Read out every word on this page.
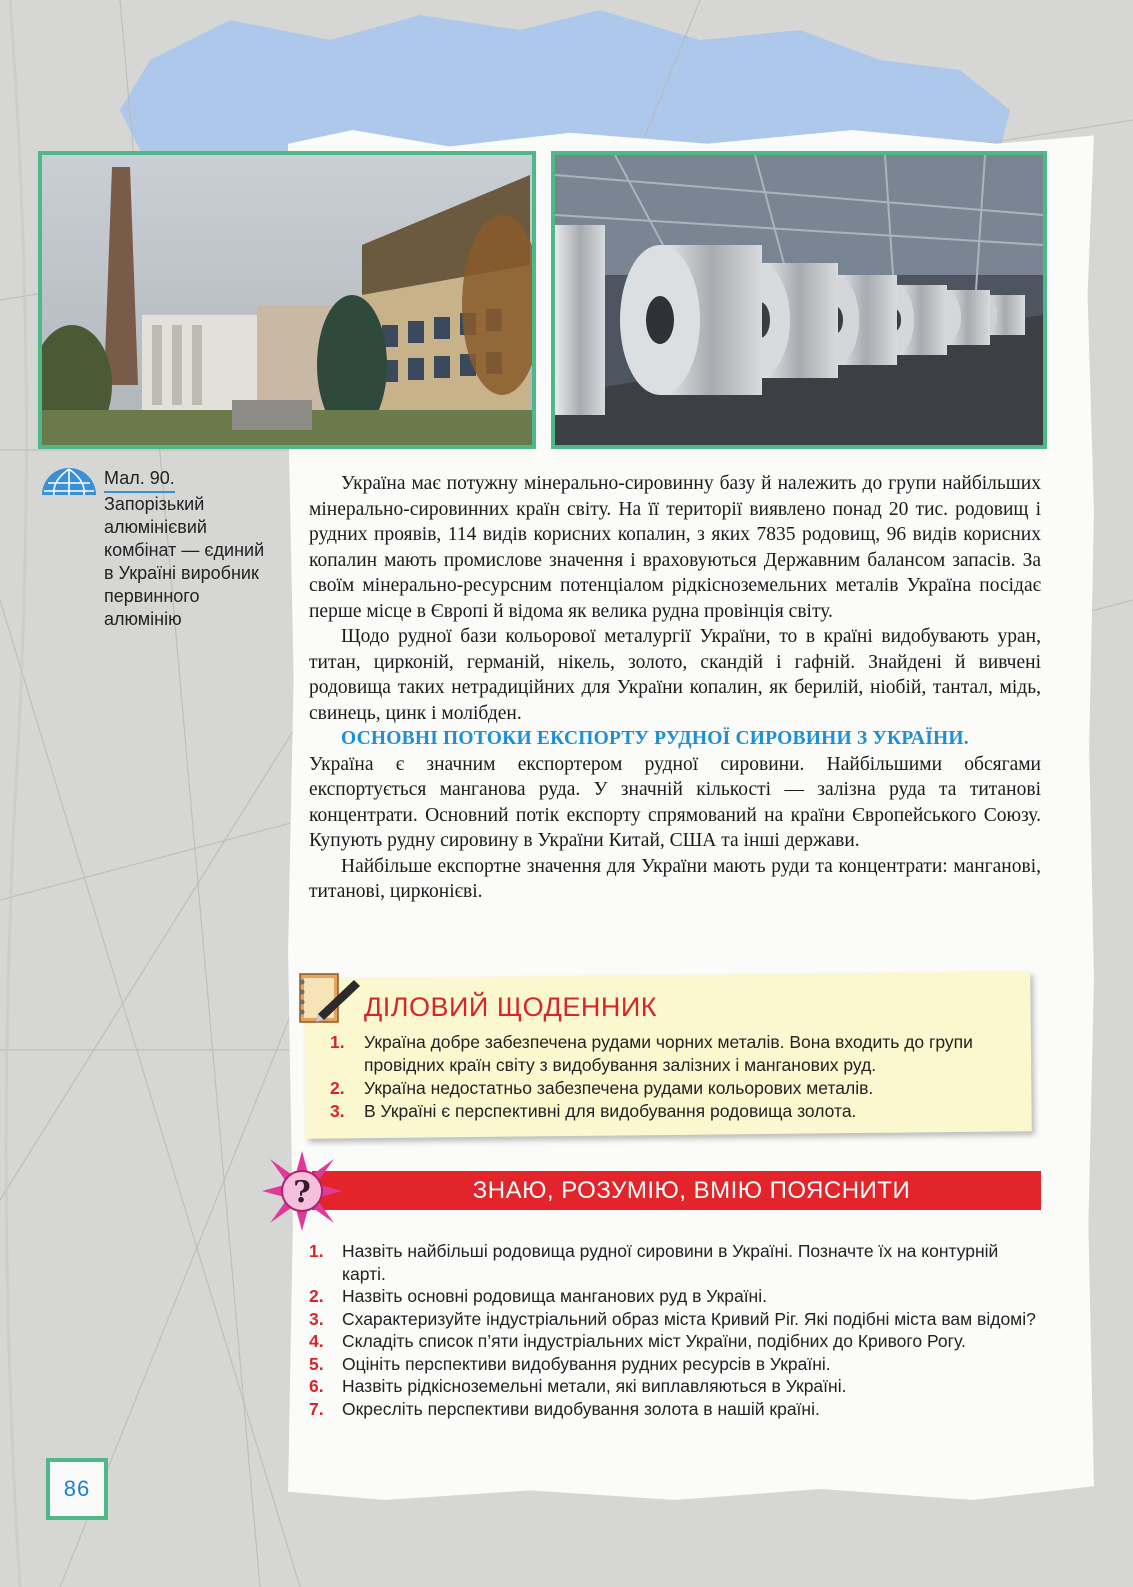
Мал. 90.
Запорізький алюмінієвий комбінат — єдиний в Україні виробник первинного алюмінію

Україна має потужну мінерально-сировинну базу й належить до групи найбільших мінерально-сировинних країн світу. На її території виявлено понад 20 тис. родовищ і рудних проявів, 114 видів корисних копалин, з яких 7835 родовищ, 96 видів корисних копалин мають промислове значення і враховуються Державним балансом запасів. За своїм мінерально-ресурсним потенціалом рідкісноземельних металів Україна посідає перше місце в Європі й відома як велика рудна провінція світу.

Щодо рудної бази кольорової металургії України, то в країні видобувають уран, титан, цирконій, германій, нікель, золото, скандій і гафній. Знайдені й вивчені родовища таких нетрадиційних для України копалин, як берилій, ніобій, тантал, мідь, свинець, цинк і молібден.

ОСНОВНІ ПОТОКИ ЕКСПОРТУ РУДНОЇ СИРОВИНИ З УКРАЇНИ.

Україна є значним експортером рудної сировини. Найбільшими обсягами експортується манганова руда. У значній кількості — залізна руда та титанові концентрати. Основний потік експорту спрямований на країни Європейського Союзу. Купують рудну сировину в України Китай, США та інші держави.

Найбільше експортне значення для України мають руди та концентрати: манганові, титанові, цирконієві.

ДІЛОВИЙ ЩОДЕННИК
1. Україна добре забезпечена рудами чорних металів. Вона входить до групи провідних країн світу з видобування залізних і манганових руд.
2. Україна недостатньо забезпечена рудами кольорових металів.
3. В Україні є перспективні для видобування родовища золота.
ЗНАЮ, РОЗУМІЮ, ВМІЮ ПОЯСНИТИ
?
1. Назвіть найбільші родовища рудної сировини в Україні. Позначте їх на контурній карті.
2. Назвіть основні родовища манганових руд в Україні.
3. Схарактеризуйте індустріальний образ міста Кривий Ріг. Які подібні міста вам відомі?
4. Складіть список п’яти індустріальних міст України, подібних до Кривого Рогу.
5. Оцініть перспективи видобування рудних ресурсів в Україні.
6. Назвіть рідкісноземельні метали, які виплавляються в Україні.
7. Окресліть перспективи видобування золота в нашій країні.
86
